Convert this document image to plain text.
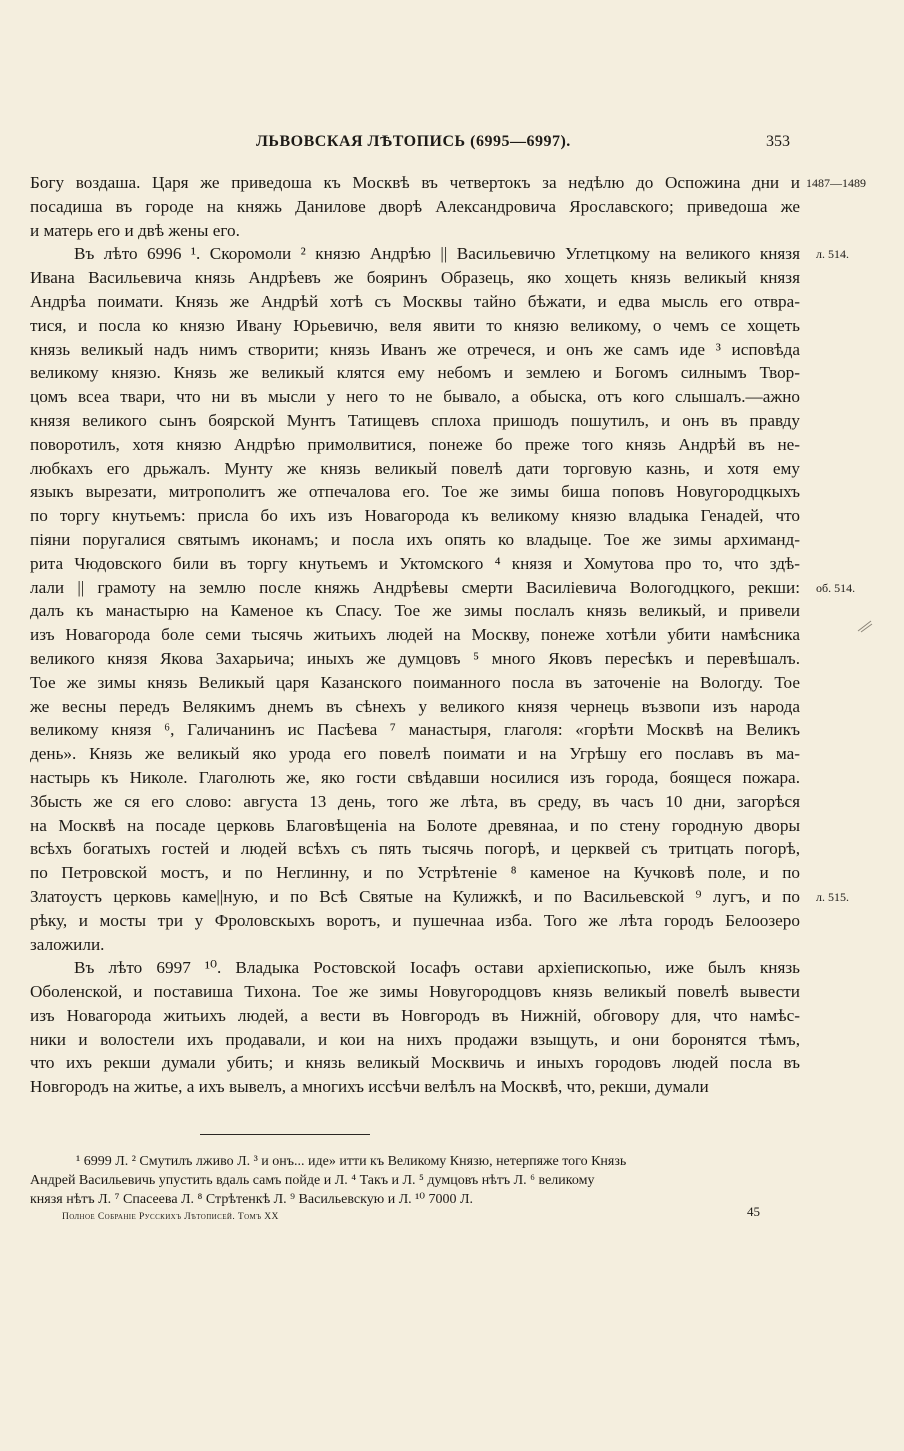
ЛЬВОВСКАЯ ЛѢТОПИСЬ (6995—6997).	353
Богу воздаша. Царя же приведоша къ Москвѣ въ четвертокъ за недѣлю до Оспожина дни и
посадиша въ городе на княжь Данилове дворѣ Александровича Ярославского; приведоша же
и матерь его и двѣ жены его.
Въ лѣто 6996 ¹. Скоромоли ² князю Андрѣю || Васильевичю Углетцкому на великого князя
Ивана Васильевича князь Андрѣевъ же бояринъ Образець, яко хощеть князь великый князя
Андрѣа поимати. Князь же Андрѣй хотѣ съ Москвы тайно бѣжати, и едва мысль его отвра-
тися, и посла ко князю Ивану Юрьевичю, веля явити то князю великому, о чемъ се хощеть
князь великый надъ нимъ створити; князь Иванъ же отречеся, и онъ же самъ иде ³ исповѣда
великому князю. Князь же великый клятся ему небомъ и землею и Богомъ силнымъ Твор-
цомъ всеа твари, что ни въ мысли у него то не бывало, а обыска, отъ кого слышалъ.—ажно
князя великого сынъ боярской Мунтъ Татищевъ сплоха пришодъ пошутилъ, и онъ въ правду
поворотилъ, хотя князю Андрѣю примолвитися, понеже бо преже того князь Андрѣй въ не-
любкахъ его дрьжалъ. Мунту же князь великый повелѣ дати торговую казнь, и хотя ему
языкъ вырезати, митрополитъ же отпечалова его. Тое же зимы биша поповъ Новугородцкыхъ
по торгу кнутьемъ: присла бо ихъ изъ Новагорода къ великому князю владыка Генадей, что
піяни поругалися святымъ иконамъ; и посла ихъ опять ко владыце. Тое же зимы архиманд-
рита Чюдовского били въ торгу кнутьемъ и Уктомского ⁴ князя и Хомутова про то, что здѣ-
лали || грамоту на землю после княжь Андрѣевы смерти Василіевича Вологодцкого, рекши:
далъ къ манастырю на Каменое къ Спасу. Тое же зимы послалъ князь великый, и привели
изъ Новагорода боле семи тысячь житьихъ людей на Москву, понеже хотѣли убити намѣсника
великого князя Якова Захарьича; иныхъ же думцовъ ⁵ много Яковъ пересѣкъ и перевѣшалъ.
Тое же зимы князь Великый царя Казанского поиманного посла въ заточеніе на Вологду. Тое
же весны передъ Велякимъ днемъ въ сѣнехъ у великого князя чернець възвопи изъ народа
великому князя ⁶, Галичанинъ ис Пасѣева ⁷ манастыря, глаголя: «горѣти Москвѣ на Великъ
день». Князь же великый яко урода его повелѣ поимати и на Угрѣшу его пославъ въ ма-
настырь къ Николе. Глаголють же, яко гости свѣдавши носилися изъ города, боящеся пожара.
Збысть же ся его слово: августа 13 день, того же лѣта, въ среду, въ часъ 10 дни, загорѣся
на Москвѣ на посаде церковь Благовѣщеніа на Болоте древянаа, и по стену городную дворы
всѣхъ богатыхъ гостей и людей всѣхъ съ пять тысячь погорѣ, и церквей съ тритцать погорѣ,
по Петровской мостъ, и по Неглинну, и по Устрѣтеніе ⁸ каменое на Кучковѣ поле, и по
Златоустъ церковь каме||ную, и по Всѣ Святые на Кулижкѣ, и по Васильевской ⁹ лугъ, и по
рѣку, и мосты три у Фроловскыхъ воротъ, и пушечнаа изба. Того же лѣта городъ Белоозеро
заложили.
Въ лѣто 6997 ¹⁰. Владыка Ростовской Іосафъ остави архіепископью, иже былъ князь
Оболенской, и поставиша Тихона. Тое же зимы Новугородцовъ князь великый повелѣ вывести
изъ Новагорода житьихъ людей, а вести въ Новгородъ въ Нижній, обговору для, что намѣс-
ники и волостели ихъ продавали, и кои на нихъ продажи взыщуть, и они боронятся тѣмъ,
что ихъ рекши думали убить; и князь великый Москвичь и иныхъ городовъ людей посла въ
Новгородъ на житье, а ихъ вывелъ, а многихъ иссѣчи велѣлъ на Москвѣ, что, рекши, думали
1487—1489
л. 514.
об. 514.
л. 515.
¹ 6999 Л. ² Смутилъ лживо Л. ³ и онъ... иде» итти къ Великому Князю, нетерпяже того Князь
Андрей Васильевичь упустить вдаль самъ пойде и Л. ⁴ Такъ и Л. ⁵ думцовъ нѣтъ Л. ⁶ великому
князя нѣтъ Л. ⁷ Спасеева Л. ⁸ Стрѣтенкѣ Л. ⁹ Васильевскую и Л. ¹⁰ 7000 Л.
Полное Собраніе Русскихъ Лѣтописей. Томъ XX	45
